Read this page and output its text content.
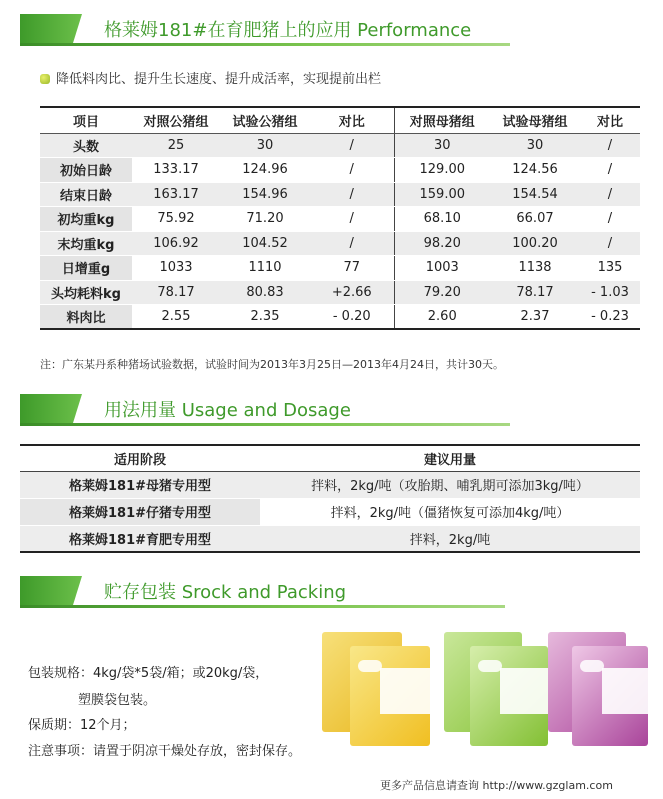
格莱姆181#在育肥猪上的应用 Performance
降低料肉比、提升生长速度、提升成活率，实现提前出栏
项目	对照公猪组	试验公猪组	对比	对照母猪组	试验母猪组	对比
头数	25	30	/	30	30	/
初始日龄	133.17	124.96	/	129.00	124.56	/
结束日龄	163.17	154.96	/	159.00	154.54	/
初均重kg	75.92	71.20	/	68.10	66.07	/
末均重kg	106.92	104.52	/	98.20	100.20	/
日增重g	1033	1110	77	1003	1138	135
头均耗料kg	78.17	80.83	+2.66	79.20	78.17	- 1.03
料肉比	2.55	2.35	- 0.20	2.60	2.37	- 0.23
注：广东某丹系种猪场试验数据，试验时间为2013年3月25日—2013年4月24日，共计30天。
用法用量 Usage and Dosage
适用阶段	建议用量
格莱姆181#母猪专用型	拌料，2kg/吨（攻胎期、哺乳期可添加3kg/吨）
格莱姆181#仔猪专用型	拌料，2kg/吨（僵猪恢复可添加4kg/吨）
格莱姆181#育肥专用型	拌料，2kg/吨
贮存包装 Srock and Packing
包装规格：4kg/袋*5袋/箱；或20kg/袋，
塑膜袋包装。
保质期：12个月；
注意事项：请置于阴凉干燥处存放，密封保存。
更多产品信息请查询 http://www.gzglam.com
